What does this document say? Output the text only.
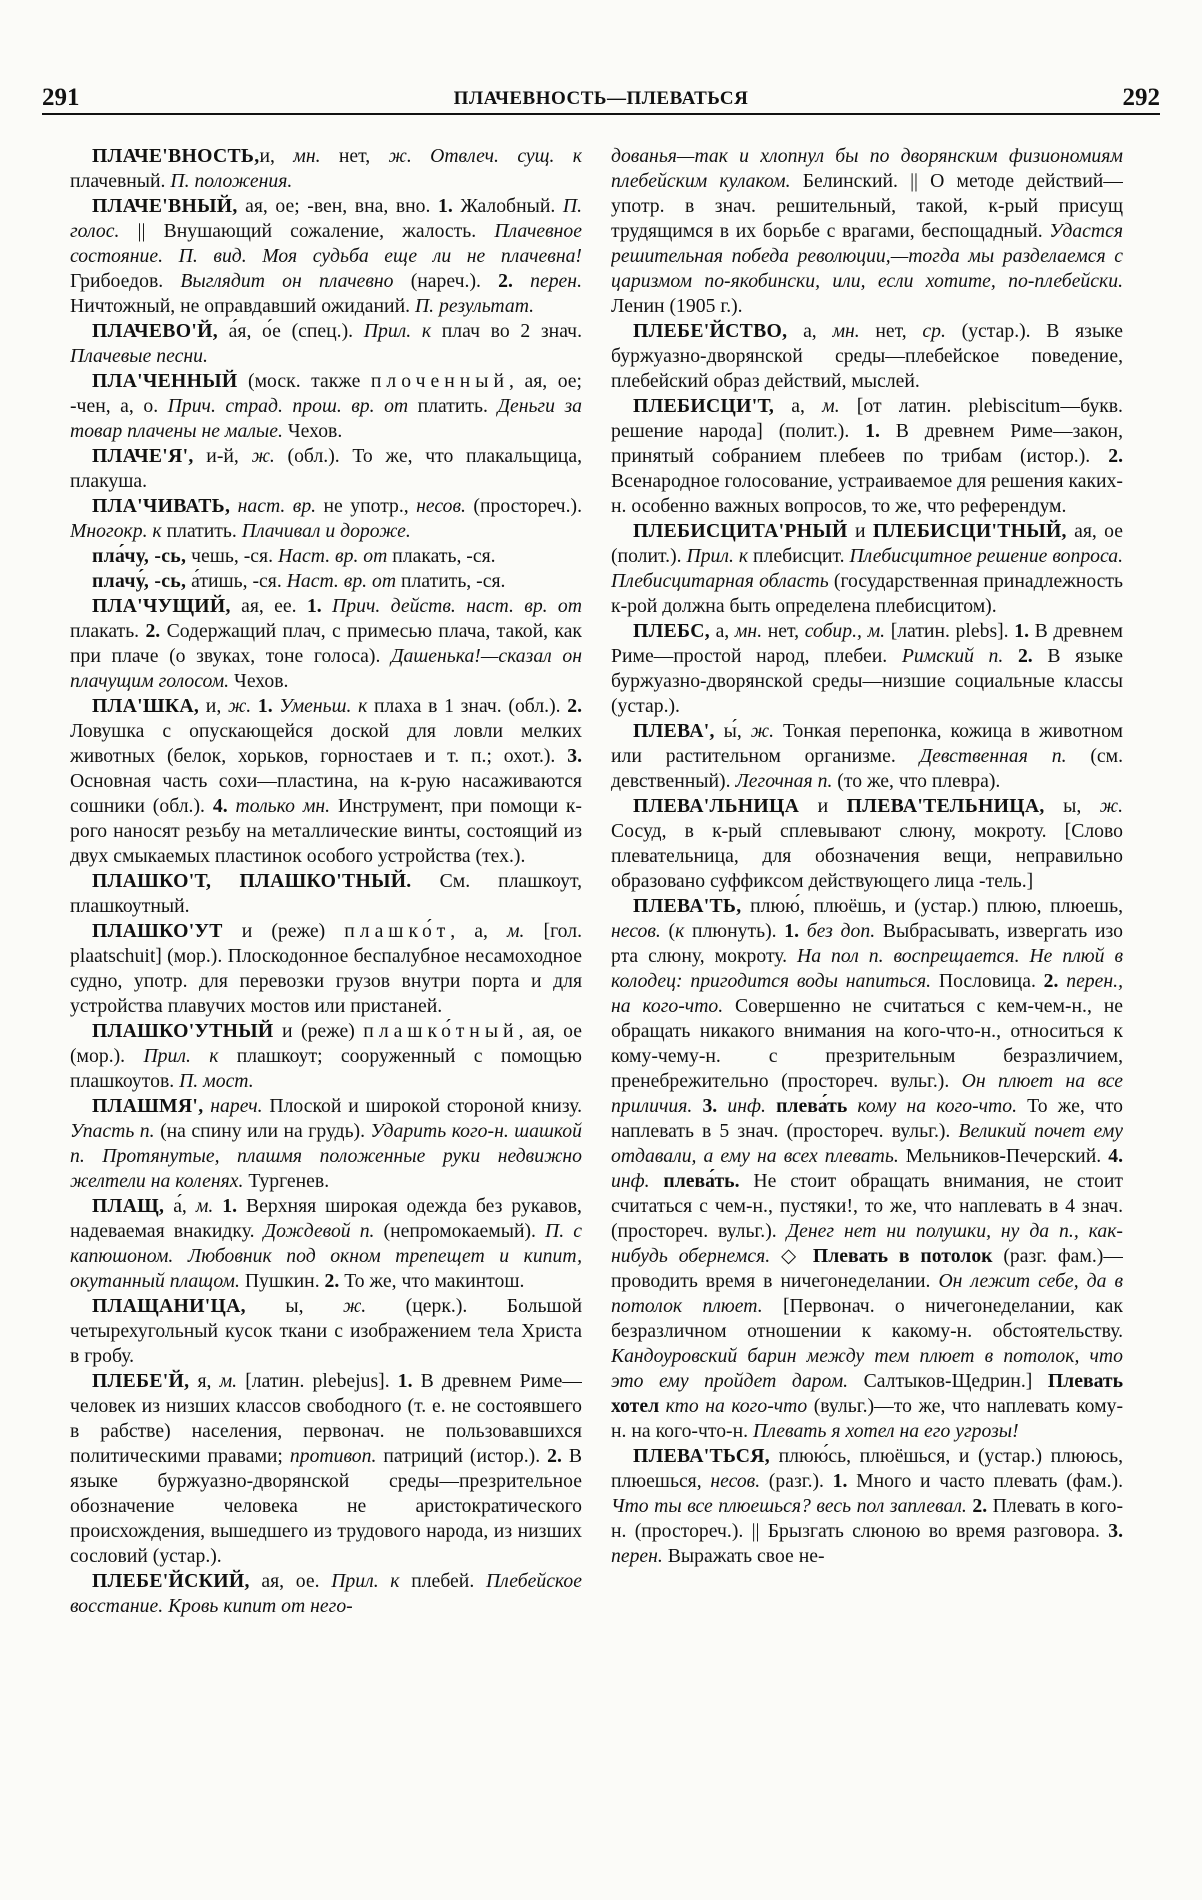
291	ПЛАЧЕВНОСТЬ—ПЛЕВАТЬСЯ	292

ПЛАЧЕ'ВНОСТЬ,и, мн. нет, ж. Отвлеч. сущ. к плачевный. П. положения.

ПЛАЧЕ'ВНЫЙ, ая, ое; -вен, вна, вно. 1. Жалобный. П. голос. || Внушающий сожаление, жалость. Плачевное состояние. П. вид. Моя судьба еще ли не плачевна! Грибоедов. Выглядит он плачевно (нареч.). 2. перен. Ничтожный, не оправдавший ожиданий. П. результат.

ПЛАЧЕВО'Й, а́я, о́е (спец.). Прил. к плач во 2 знач. Плачевые песни.

ПЛА'ЧЕННЫЙ (моск. также плоченный, ая, ое; -чен, а, о. Прич. страд. прош. вр. от платить. Деньги за товар плачены не малые. Чехов.

ПЛАЧЕ'Я', и-й, ж. (обл.). То же, что плакальщица, плакуша.

ПЛА'ЧИВАТЬ, наст. вр. не употр., несов. (простореч.). Многокр. к платить. Плачивал и дороже.

пла́чу, -сь, чешь, -ся. Наст. вр. от плакать, -ся.

плачу́, -сь, а́тишь, -ся. Наст. вр. от платить, -ся.

ПЛА'ЧУЩИЙ, ая, ее. 1. Прич. действ. наст. вр. от плакать. 2. Содержащий плач, с примесью плача, такой, как при плаче (о звуках, тоне голоса). Дашенька!—сказал он плачущим голосом. Чехов.

ПЛА'ШКА, и, ж. 1. Уменьш. к плаха в 1 знач. (обл.). 2. Ловушка с опускающейся доской для ловли мелких животных (белок, хорьков, горностаев и т. п.; охот.). 3. Основная часть сохи—пластина, на к-рую насаживаются сошники (обл.). 4. только мн. Инструмент, при помощи к-рого наносят резьбу на металлические винты, состоящий из двух смыкаемых пластинок особого устройства (тех.).

ПЛАШКО'Т, ПЛАШКО'ТНЫЙ. См. плашкоут, плашкоутный.

ПЛАШКО'УТ и (реже) плашко́т, а, м. [гол. plaatschuit] (мор.). Плоскодонное беспалубное несамоходное судно, употр. для перевозки грузов внутри порта и для устройства плавучих мостов или пристаней.

ПЛАШКО'УТНЫЙ и (реже) плашко́тный, ая, ое (мор.). Прил. к плашкоут; сооруженный с помощью плашкоутов. П. мост.

ПЛАШМЯ', нареч. Плоской и широкой стороной книзу. Упасть п. (на спину или на грудь). Ударить кого-н. шашкой п. Протянутые, плашмя положенные руки недвижно желтели на коленях. Тургенев.

ПЛАЩ, а́, м. 1. Верхняя широкая одежда без рукавов, надеваемая внакидку. Дождевой п. (непромокаемый). П. с капюшоном. Любовник под окном трепещет и кипит, окутанный плащом. Пушкин. 2. То же, что макинтош.

ПЛАЩАНИ'ЦА, ы, ж. (церк.). Большой четырехугольный кусок ткани с изображением тела Христа в гробу.

ПЛЕБЕ'Й, я, м. [латин. plebejus]. 1. В древнем Риме—человек из низших классов свободного (т. е. не состоявшего в рабстве) населения, первонач. не пользовавшихся политическими правами; противоп. патриций (истор.). 2. В языке буржуазно-дворянской среды—презрительное обозначение человека не аристократического происхождения, вышедшего из трудового народа, из низших сословий (устар.).

ПЛЕБЕ'ЙСКИЙ, ая, ое. Прил. к плебей. Плебейское восстание. Кровь кипит от него-

дованья—так и хлопнул бы по дворянским физиономиям плебейским кулаком. Белинский. || О методе действий—употр. в знач. решительный, такой, к-рый присущ трудящимся в их борьбе с врагами, беспощадный. Удастся решительная победа революции,—тогда мы разделаемся с царизмом по-якобински, или, если хотите, по-плебейски. Ленин (1905 г.).

ПЛЕБЕ'ЙСТВО, а, мн. нет, ср. (устар.). В языке буржуазно-дворянской среды—плебейское поведение, плебейский образ действий, мыслей.

ПЛЕБИСЦИ'Т, а, м. [от латин. plebiscitum—букв. решение народа] (полит.). 1. В древнем Риме—закон, принятый собранием плебеев по трибам (истор.). 2. Всенародное голосование, устраиваемое для решения каких-н. особенно важных вопросов, то же, что референдум.

ПЛЕБИСЦИТА'РНЫЙ и ПЛЕБИСЦИ'ТНЫЙ, ая, ое (полит.). Прил. к плебисцит. Плебисцитное решение вопроса. Плебисцитарная область (государственная принадлежность к-рой должна быть определена плебисцитом).

ПЛЕБС, а, мн. нет, собир., м. [латин. plebs]. 1. В древнем Риме—простой народ, плебеи. Римский п. 2. В языке буржуазно-дворянской среды—низшие социальные классы (устар.).

ПЛЕВА', ы́, ж. Тонкая перепонка, кожица в животном или растительном организме. Девственная п. (см. девственный). Легочная п. (то же, что плевра).

ПЛЕВА'ЛЬНИЦА и ПЛЕВА'ТЕЛЬНИЦА, ы, ж. Сосуд, в к-рый сплевывают слюну, мокроту. [Слово плевательница, для обозначения вещи, неправильно образовано суффиксом действующего лица -тель.]

ПЛЕВА'ТЬ, плюю́, плюёшь, и (устар.) плюю, плюешь, несов. (к плюнуть). 1. без доп. Выбрасывать, извергать изо рта слюну, мокроту. На пол п. воспрещается. Не плюй в колодец: пригодится воды напиться. Пословица. 2. перен., на кого-что. Совершенно не считаться с кем-чем-н., не обращать никакого внимания на кого-что-н., относиться к кому-чему-н. с презрительным безразличием, пренебрежительно (простореч. вульг.). Он плюет на все приличия. 3. инф. плева́ть кому на кого-что. То же, что наплевать в 5 знач. (простореч. вульг.). Великий почет ему отдавали, а ему на всех плевать. Мельников-Печерский. 4. инф. плева́ть. Не стоит обращать внимания, не стоит считаться с чем-н., пустяки!, то же, что наплевать в 4 знач. (простореч. вульг.). Денег нет ни полушки, ну да п., как-нибудь обернемся. ◇ Плевать в потолок (разг. фам.)—проводить время в ничегонеделании. Он лежит себе, да в потолок плюет. [Первонач. о ничегонеделании, как безразличном отношении к какому-н. обстоятельству. Кандоуровский барин между тем плюет в потолок, что это ему пройдет даром. Салтыков-Щедрин.] Плевать хотел кто на кого-что (вульг.)—то же, что наплевать кому-н. на кого-что-н. Плевать я хотел на его угрозы!

ПЛЕВА'ТЬСЯ, плюю́сь, плюёшься, и (устар.) плююсь, плюешься, несов. (разг.). 1. Много и часто плевать (фам.). Что ты все плюешься? весь пол заплевал. 2. Плевать в кого-н. (простореч.). || Брызгать слюною во время разговора. 3. перен. Выражать свое не-
